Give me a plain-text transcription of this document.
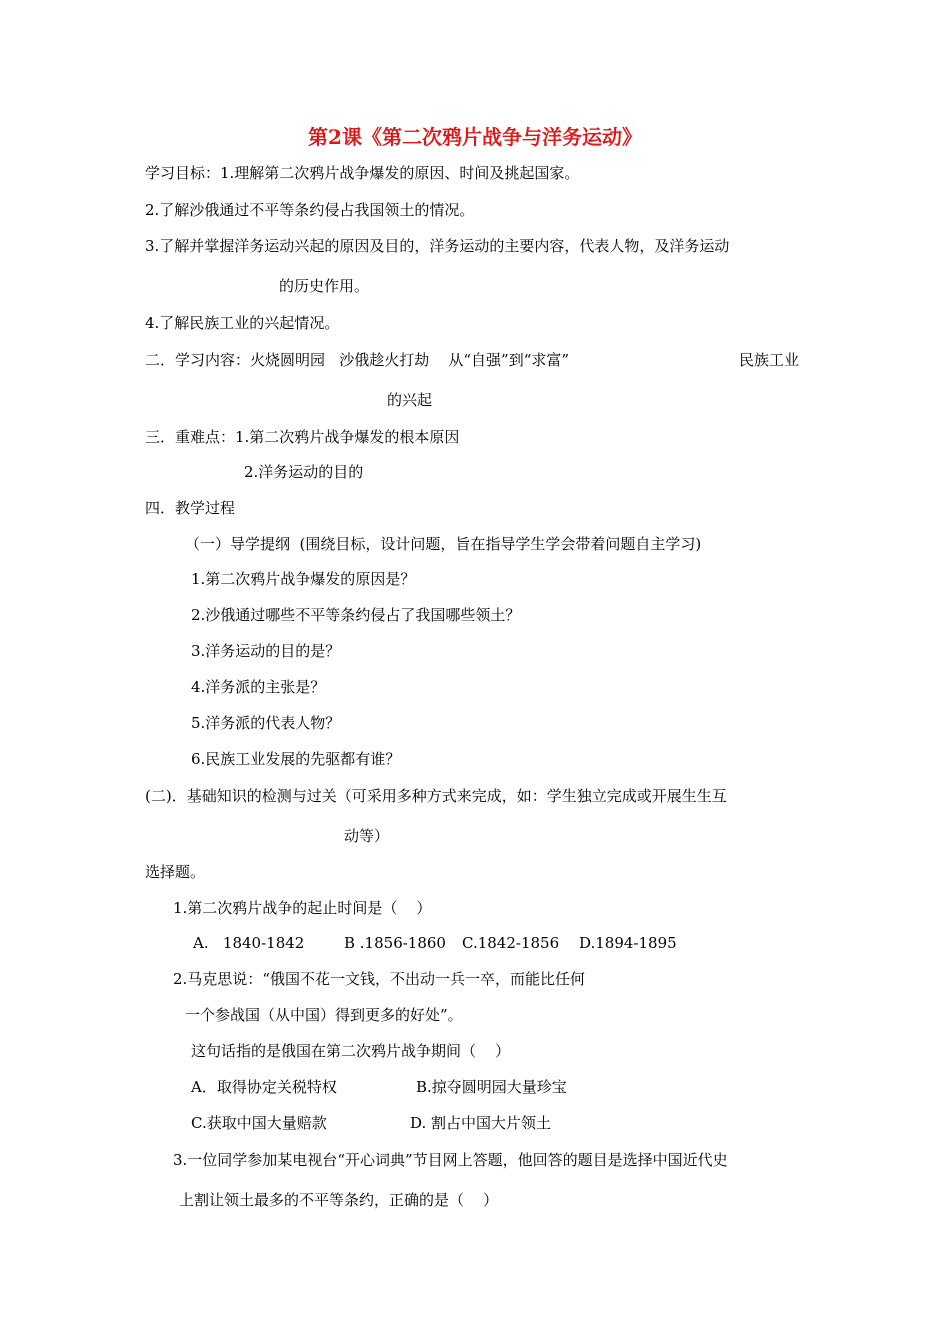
第2课《第二次鸦片战争与洋务运动》
学习目标：1.理解第二次鸦片战争爆发的原因、时间及挑起国家。
2.了解沙俄通过不平等条约侵占我国领土的情况。
3.了解并掌握洋务运动兴起的原因及目的，洋务运动的主要内容，代表人物，及洋务运动
的历史作用。
4.了解民族工业的兴起情况。
二．学习内容：火烧圆明园   沙俄趁火打劫    从“自强”到“求富”	民族工业
的兴起
三．重难点：1.第二次鸦片战争爆发的根本原因
2.洋务运动的目的
四．教学过程
（一）导学提纲  (围绕目标，设计问题，旨在指导学生学会带着问题自主学习)
1.第二次鸦片战争爆发的原因是？
2.沙俄通过哪些不平等条约侵占了我国哪些领土？
3.洋务运动的目的是？
4.洋务派的主张是？
5.洋务派的代表人物？
6.民族工业发展的先驱都有谁？
(二)．基础知识的检测与过关（可采用多种方式来完成，如：学生独立完成或开展生生互
动等）
选择题。
1.第二次鸦片战争的起止时间是（    ）
A.   1840-1842	B .1856-1860 C.1842-1856 D.1894-1895
2.马克思说：“俄国不花一文钱，不出动一兵一卒，而能比任何
一个参战国（从中国）得到更多的好处”。
这句话指的是俄国在第二次鸦片战争期间（    ）
A．取得协定关税特权	B.掠夺圆明园大量珍宝
C.获取中国大量赔款	D. 割占中国大片领土
3.一位同学参加某电视台“开心词典”节目网上答题，他回答的题目是选择中国近代史
上割让领土最多的不平等条约，正确的是（    ）
